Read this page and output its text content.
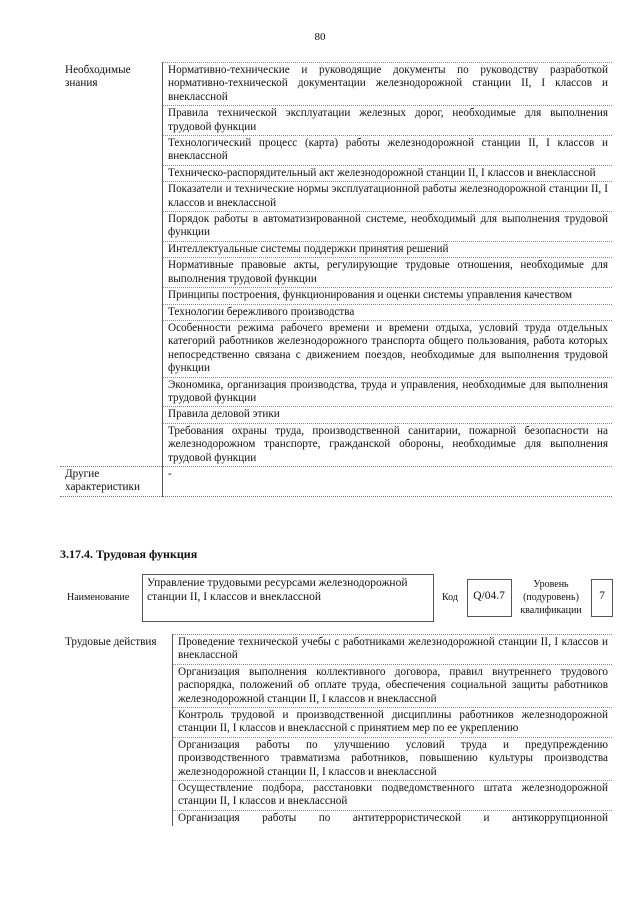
80
Необходимые знания	Нормативно-технические и руководящие документы по руководству разработкой нормативно-технической документации железнодорожной станции II, I классов и внеклассной
	Правила технической эксплуатации железных дорог, необходимые для выполнения трудовой функции
	Технологический процесс (карта) работы железнодорожной станции II, I классов и внеклассной
	Техническо-распорядительный акт железнодорожной станции II, I классов и внеклассной
	Показатели и технические нормы эксплуатационной работы железнодорожной станции II, I классов и внеклассной
	Порядок работы в автоматизированной системе, необходимый для выполнения трудовой функции
	Интеллектуальные системы поддержки принятия решений
	Нормативные правовые акты, регулирующие трудовые отношения, необходимые для выполнения трудовой функции
	Принципы построения, функционирования и оценки системы управления качеством
	Технологии бережливого производства
	Особенности режима рабочего времени и времени отдыха, условий труда отдельных категорий работников железнодорожного транспорта общего пользования, работа которых непосредственно связана с движением поездов, необходимые для выполнения трудовой функции
	Экономика, организация производства, труда и управления, необходимые для выполнения трудовой функции
	Правила деловой этики
	Требования охраны труда, производственной санитарии, пожарной безопасности на железнодорожном транспорте, гражданской обороны, необходимые для выполнения трудовой функции
Другие характеристики	-
3.17.4. Трудовая функция
Наименование
Управление трудовыми ресурсами железнодорожной станции II, I классов и внеклассной	Код Q/04.7
Уровень (подуровень) квалификации
7
Трудовые действия	Проведение технической учебы с работниками железнодорожной станции II, I классов и внеклассной
Организация выполнения коллективного договора, правил внутреннего трудового распорядка, положений об оплате труда, обеспечения социальной защиты работников железнодорожной станции II, I классов и внеклассной
Контроль трудовой и производственной дисциплины работников железнодорожной станции II, I классов и внеклассной с принятием мер по ее укреплению
Организация работы по улучшению условий труда и предупреждению производственного травматизма работников, повышению культуры производства железнодорожной станции II, I классов и внеклассной
Осуществление подбора, расстановки подведомственного штата железнодорожной станции II, I классов и внеклассной
Организация работы по антитеррористической и антикоррупционной
